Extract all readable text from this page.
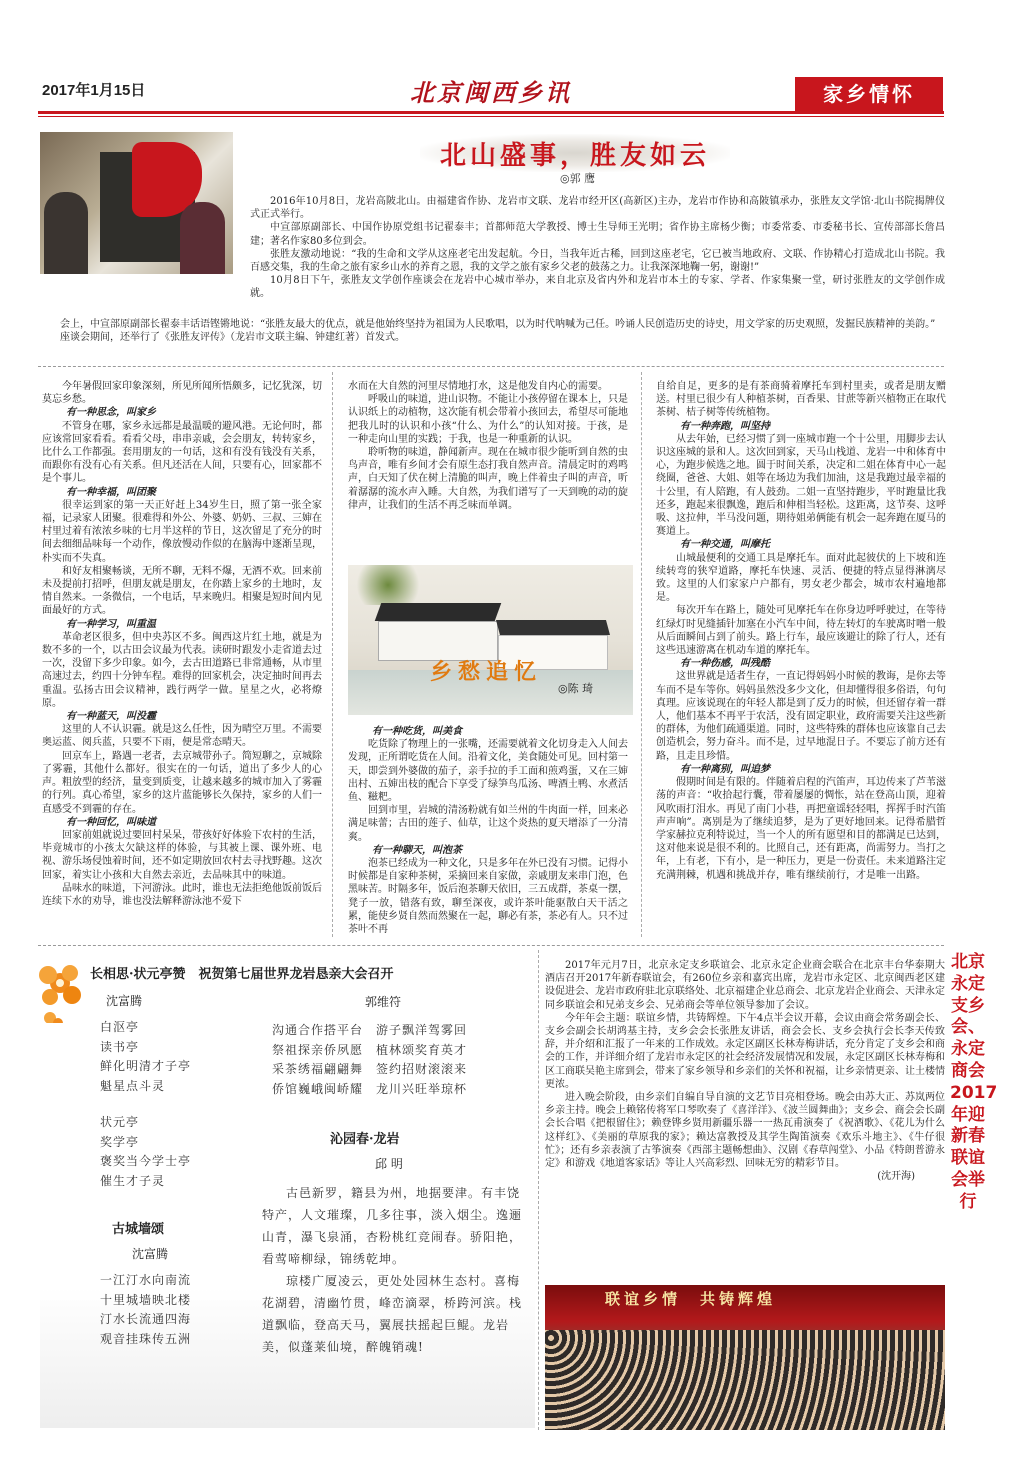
2017年1月15日	北京闽西乡讯	家乡情怀
北山盛事，胜友如云
◎郭 鹰

2016年10月8日，龙岩高陂北山。由福建省作协、龙岩市文联、龙岩市经开区(高新区)主办，龙岩市作协和高陂镇承办，张胜友文学馆·北山书院揭牌仪式正式举行。

中宣部原副部长、中国作协原党组书记翟泰丰；首都师范大学教授、博士生导师王光明；省作协主席杨少衡；市委常委、市委秘书长、宣传部部长詹昌建；著名作家80多位到会。

张胜友激动地说：“我的生命和文学从这座老宅出发起航。今日，当我年近古稀，回到这座老宅，它已被当地政府、文联、作协精心打造成北山书院。我百感交集，我的生命之旅有家乡山水的养育之恩，我的文学之旅有家乡父老的鼓荡之力。让我深深地鞠一躬，谢谢!”

10月8日下午，张胜友文学创作座谈会在龙岩中心城市举办，来自北京及省内外和龙岩市本土的专家、学者、作家集聚一堂，研讨张胜友的文学创作成就。

会上，中宣部原副部长翟泰丰话语铿锵地说：“张胜友最大的优点，就是他始终坚持为祖国为人民歌唱，以为时代呐喊为己任。吟诵人民创造历史的诗史，用文学家的历史观照，发掘民族精神的美韵。”

座谈会期间，还举行了《张胜友评传》（龙岩市文联主编、钟建红著）首发式。

今年暑假回家印象深刻，所见所闻所悟颇多，记忆犹深，切莫忘乡愁。

有一种思念，叫家乡

不管身在哪，家乡永远都是最温暖的避风港。无论何时，都应该常回家看看。看看父母，串串亲戚，会会朋友，转转家乡，比什么工作都强。套用朋友的一句话，这和有没有钱没有关系，而跟你有没有心有关系。但凡还活在人间，只要有心，回家都不是个事儿。

有一种幸福，叫团聚

很幸运到家的第一天正好赶上34岁生日，照了第一张全家福，记录家人团聚。很难得和外公、外婆、奶奶、三叔、三婶在村里过着有浓浓乡味的七月半这样的节日，这次留足了充分的时间去细细品味每一个动作，像放慢动作似的在脑海中逐渐呈现，朴实而不失真。

和好友相聚畅谈，无所不聊，无料不爆，无酒不欢。回来前未及提前打招呼，但朋友就是朋友，在你踏上家乡的土地时，友情自然来。一条微信，一个电话，早来晚归。相聚是短时间内见面最好的方式。

有一种学习，叫重温

革命老区很多，但中央苏区不多。闽西这片红土地，就是为数不多的一个，以古田会议最为代表。读研时跟发小走省道去过一次，没留下多少印象。如今，去古田道路已非常通畅，从市里高速过去，约四十分钟车程。难得的回家机会，决定抽时间再去重温。弘扬古田会议精神，践行两学一做。星星之火，必将燎原。

有一种蓝天，叫没霾

这里的人不认识霾。就是这么任性，因为晴空万里。不需要奥运蓝、阅兵蓝，只要不下雨，便是常态晴天。

回京车上，路遇一老者，去京城带孙子。简短聊之，京城除了雾霾，其他什么都好。很实在的一句话，道出了多少人的心声。粗放型的经济，量变到质变，让越来越多的城市加入了雾霾的行列。真心希望，家乡的这片蓝能够长久保持，家乡的人们一直感受不到霾的存在。

有一种回忆，叫味道

回家前姐就说过要回村呆呆，带孩好好体验下农村的生活，毕竟城市的小孩太欠缺这样的体验，与其被上课、课外班、电视、游乐场侵蚀着时间，还不如定期放回农村去寻找野趣。这次回家，着实让小孩和大自然去亲近，去品味其中的味道。

品味水的味道，下河游泳。此时，谁也无法拒绝他饭前饭后连续下水的劝导，谁也没法解释游泳池不爱下

水而在大自然的河里尽情地打水，这是他发自内心的需要。

呼吸山的味道，进山识物。不能让小孩停留在课本上，只是认识纸上的动植物，这次能有机会带着小孩回去，希望尽可能地把我儿时的认识和小孩“什么、为什么”的认知对接。于孩，是一种走向山里的实践；于我，也是一种重新的认识。

聆听物的味道，静闻新声。现在在城市很少能听到自然的虫鸟声音，唯有乡间才会有原生态打我自然声音。清晨定时的鸡鸣声，白天知了伏在树上清脆的叫声，晚上伴着虫子叫的声音，听着潺潺的流水声入睡。大自然，为我们谱写了一天到晚的动的旋律声，让我们的生活不再乏味而单调。

乡愁追忆
◎陈 琦

有一种吃货，叫美食

吃货除了物理上的一张嘴，还需要就着文化切身走入人间去发现，正所谓吃货在人间。沿着文化，美食随处可见。回村第一天，即尝到外婆做的茄子，亲手拉的手工面和煎鸡蛋，又在三婶出村、五婶出枝的配合下享受了绿笋鸟瓜汤、啤酒土鸭、水煮活鱼、糍粑。

回到市里，岩城的清汤粉就有如兰州的牛肉面一样，回来必满足味蕾；古田的莲子、仙草，让这个炎热的夏天增添了一分清爽。

有一种聊天，叫泡茶

泡茶已经成为一种文化，只是多年在外已没有习惯。记得小时候都是自家种茶树，采摘回来自家做，亲戚朋友来串门泡，色黑味苦。时隔多年，饭后泡茶聊天依旧，三五成群，茶桌一摆，凳子一放，错落有致，聊至深夜，或许茶叶能驱散白天干活之累，能使乡贤自然而然聚在一起，聊必有茶，茶必有人。只不过茶叶不再

自给自足，更多的是有茶商骑着摩托车到村里卖，或者是朋友赠送。村里已很少有人种植茶树，百香果、甘蔗等新兴植物正在取代茶树、桔子树等传统植物。

有一种奔跑，叫坚持

从去年始，已经习惯了到一座城市跑一个十公里，用脚步去认识这座城的景和人。这次回到家，天马山栈道、龙岩一中和体育中心，为跑步候选之地。圆于时间关系，决定和二姐在体育中心一起绕圈，爸爸、大姐、姐等在场边为我们加油，这是我跑过最幸福的十公里，有人陪跑，有人鼓劲。二姐一直坚持跑步，平时跑量比我还多，跑起来很飘逸，跑后和伸相当轻松。这距离，这节奏、这呼吸、这拉伸，半马没问题，期待姐弟俩能有机会一起奔跑在厦马的赛道上。

有一种交通，叫摩托

山城最便利的交通工具是摩托车。面对此起彼伏的上下坡和连续转弯的狭窄道路，摩托车快速、灵活、便捷的特点显得淋漓尽致。这里的人们家家户户都有，男女老少都会，城市农村遍地都是。

每次开车在路上，随处可见摩托车在你身边呼呼驶过，在等待红绿灯时见缝插针加塞在小汽车中间，待左转灯的车驶离时噌一般从后面瞬间占到了前头。路上行车，最应该避让的除了行人，还有这些迅速游离在机动车道的摩托车。

有一种伤感，叫残酷

这世界就是适者生存，一直记得妈妈小时候的教诲，是你去等车而不是车等你。妈妈虽然没多少文化，但却懂得很多俗语，句句真理。应该说现在的年轻人都是到了反力的时候，但还留存着一群人，他们基本不再平于农活，没有固定职业，政府需要关注这些新的群体，为他们疏通渠道。同时，这些特殊的群体也应该靠自己去创造机会，努力奋斗。而不是，过早地混日子。不要忘了前方还有路，且走且珍惜。

有一种离别，叫追梦

假期时间是有限的。伴随着启程的汽笛声，耳边传来了芦苇滋荡的声音：“收拾起行囊，带着屡屡的惆怅，站在登高山顶，迎着风吹雨打泪水。再见了南门小巷，再把童谣轻轻唱，挥挥手时汽笛声声响”。离别是为了继续追梦，是为了更好地回来。记得希腊哲学家赫拉克利特说过，当一个人的所有愿望和目的都满足已达到，这对他来说是很不利的。比照自己，还有距离，尚需努力。当打之年，上有老，下有小，是一种压力，更是一份责任。未来道路注定充满荆棘，机遇和挑战并存，唯有继续前行，才是唯一出路。

长相思·状元亭赞　祝贺第七届世界龙岩恳亲大会召开
沈富腾
白沤亭
读书亭
鲜化明清才子亭
魁星点斗灵
状元亭
奖学亭
褒奖当今学士亭
催生才子灵
古城墙颂
沈富腾
一江汀水向南流
十里城墙映北楼
汀水长流通四海
观音挂珠传五洲
郭维符
沟通合作搭平台　游子飘洋驾雾回
祭祖探亲侨夙愿　植林颂奖育英才
采茶绣福翩翩舞　签约招财滚滚来
侨馆巍峨闽峤耀　龙川兴旺举琼杯
沁园春·龙岩
邱 明

古邑新罗，籍县为州，地据要津。有丰饶特产，人文璀璨，几多往事，淡入烟尘。逸逦山青，瀑飞泉涌，杏粉桃红竞闹春。骄阳艳，看莺啼柳绿，锦绣乾坤。

琼楼广厦凌云，更处处园林生态村。喜梅花湖碧，清幽竹贯，峰峦滴翠，桥跨河滨。栈道飘临，登高天马，翼展扶摇起巨鲲。龙岩美，似蓬莱仙境，醉魄销魂!

2017年元月7日，北京永定支乡联谊会、北京永定企业商会联合在北京丰台华泰期大酒店召开2017年新春联谊会，有260位乡亲和嘉宾出席，龙岩市永定区、北京闽西老区建设促进会、龙岩市政府驻北京联络处、北京福建企业总商会、北京龙岩企业商会、天津永定同乡联谊会和兄弟支乡会、兄弟商会等单位领导参加了会议。

今年年会主题：联谊乡情，共铸辉煌。下午4点半会议开幕，会议由商会常务副会长、支乡会副会长胡鸿基主持，支乡会会长张胜友讲话，商会会长、支乡会执行会长李天传致辞，并介绍和汇报了一年来的工作成效。永定区副区长林寿梅讲话，充分肯定了支乡会和商会的工作，并详细介绍了龙岩市永定区的社会经济发展情况和发展，永定区副区长林寿梅和区工商联吴艳主席到会，带来了家乡领导和乡亲们的关怀和祝福，让乡亲情更亲、让土楼情更浓。

进入晚会阶段，由乡亲们自编自导自演的文艺节目亮相登场。晚会由苏大正、苏岚两位乡亲主持。晚会上赖铭传将军口琴吹奏了《喜洋洋》、《波兰圆舞曲》；支乡会、商会会长副会长合唱《把根留住》；赖登铧乡贤用新疆乐器一一热瓦甫演奏了《祝酒歌》、《花儿为什么这样红》、《美丽的草原我的家》；赖达富教授及其学生陶笛演奏《欢乐斗地主》、《牛仔很忙》；还有乡亲表演了古筝演奏《西部主题畅想曲》、汉剧《春草闯堂》、小品《特朗普游永定》和游戏《地道客家话》等让人兴高彩烈、回味无穷的精彩节目。

(沈开海)
北京永定支乡会、永定商会2017年迎新春联谊会举行
联谊乡情　共铸辉煌
